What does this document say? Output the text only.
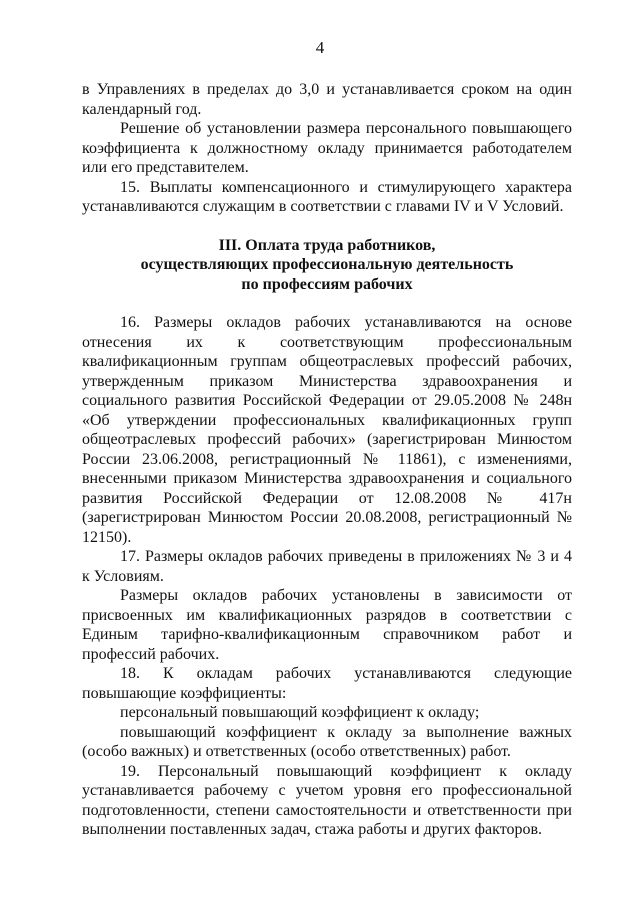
4

в Управлениях в пределах до 3,0 и устанавливается сроком на один календарный год.

Решение об установлении размера персонального повышающего коэффициента к должностному окладу принимается работодателем или его представителем.

15. Выплаты компенсационного и стимулирующего характера устанавливаются служащим в соответствии с главами IV и V Условий.

III. Оплата труда работников,
осуществляющих профессиональную деятельность
по профессиям рабочих

16. Размеры окладов рабочих устанавливаются на основе отнесения их к соответствующим профессиональным квалификационным группам общеотраслевых профессий рабочих, утвержденным приказом Министерства здравоохранения и социального развития Российской Федерации от 29.05.2008 № 248н «Об утверждении профессиональных квалификационных групп общеотраслевых профессий рабочих» (зарегистрирован Минюстом России 23.06.2008, регистрационный № 11861), с изменениями, внесенными приказом Министерства здравоохранения и социального развития Российской Федерации от 12.08.2008 № 417н (зарегистрирован Минюстом России 20.08.2008, регистрационный № 12150).

17. Размеры окладов рабочих приведены в приложениях № 3 и 4 к Условиям.

Размеры окладов рабочих установлены в зависимости от присвоенных им квалификационных разрядов в соответствии с Единым тарифно-квалификационным справочником работ и профессий рабочих.

18. К окладам рабочих устанавливаются следующие повышающие коэффициенты:

персональный повышающий коэффициент к окладу;

повышающий коэффициент к окладу за выполнение важных (особо важных) и ответственных (особо ответственных) работ.

19. Персональный повышающий коэффициент к окладу устанавливается рабочему с учетом уровня его профессиональной подготовленности, степени самостоятельности и ответственности при выполнении поставленных задач, стажа работы и других факторов.
